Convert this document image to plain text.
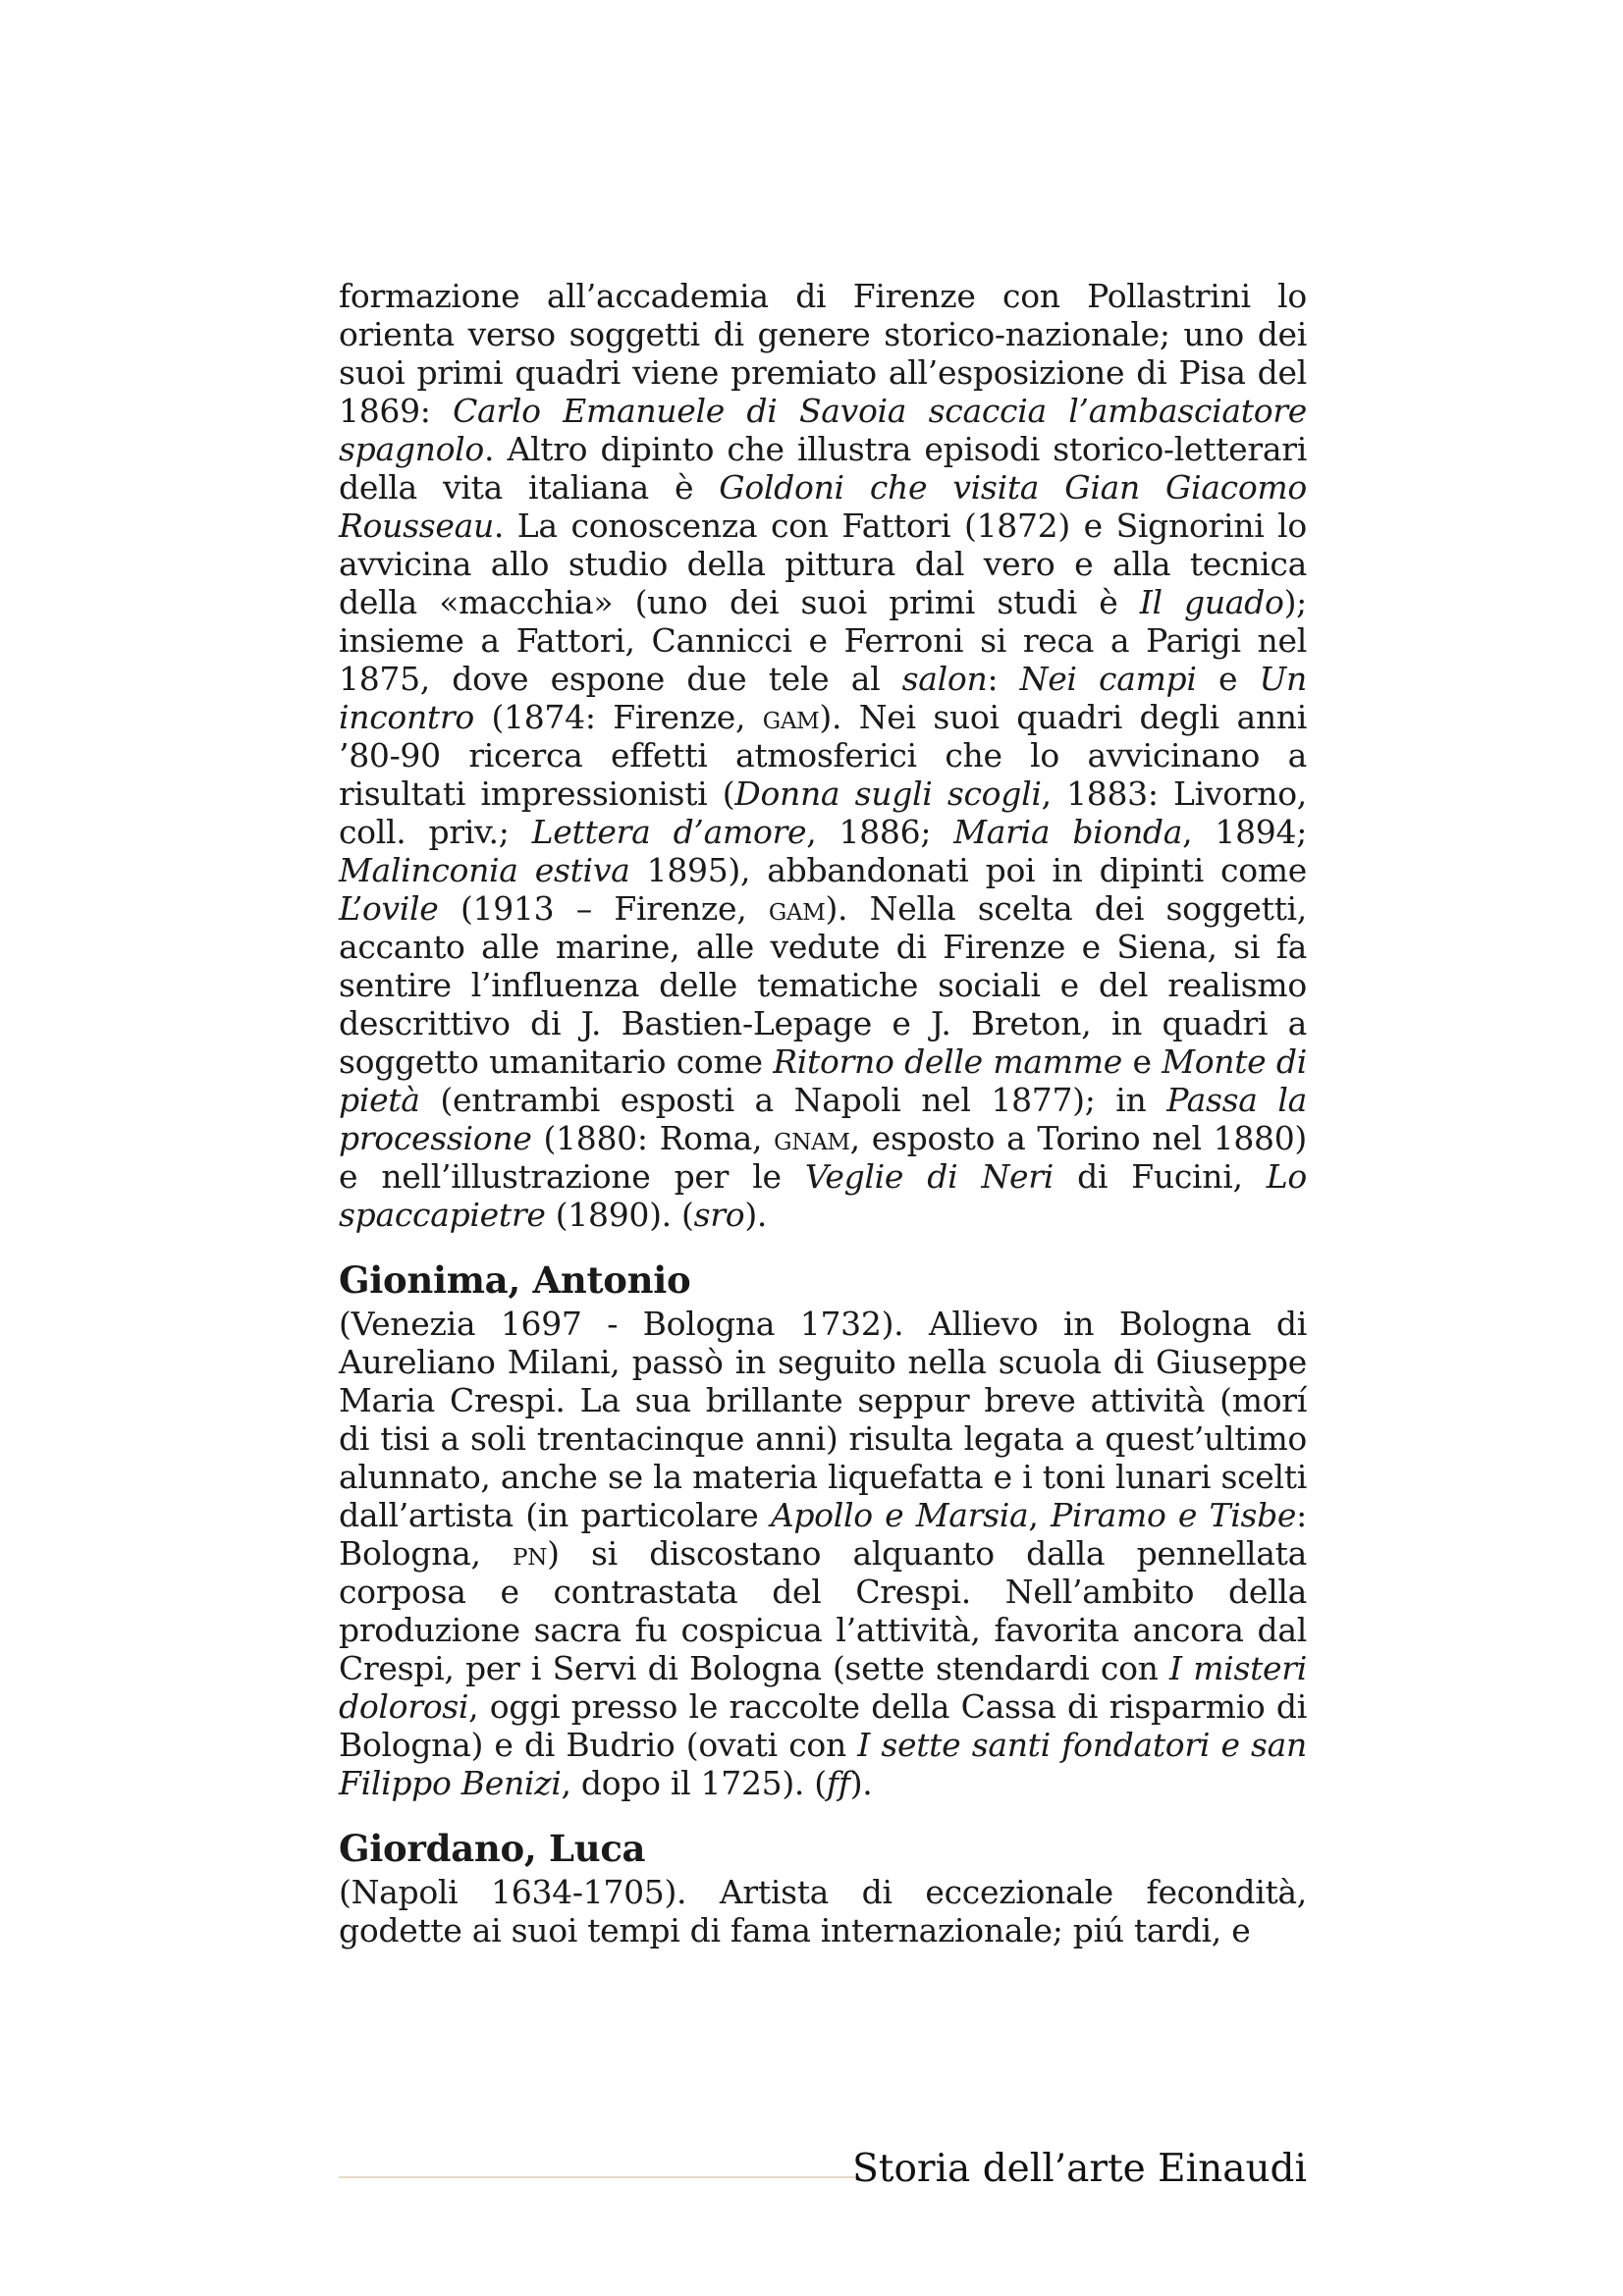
formazione all’accademia di Firenze con Pollastrini lo orienta verso soggetti di genere storico-nazionale; uno dei suoi primi quadri viene premiato all’esposizione di Pisa del 1869: Carlo Emanuele di Savoia scaccia l’ambasciatore spagnolo. Altro dipinto che illustra episodi storico-letterari della vita italiana è Goldoni che visita Gian Giacomo Rousseau. La conoscenza con Fattori (1872) e Signorini lo avvicina allo studio della pittura dal vero e alla tecnica della «macchia» (uno dei suoi primi studi è Il guado); insieme a Fattori, Cannicci e Ferroni si reca a Parigi nel 1875, dove espone due tele al salon: Nei campi e Un incontro (1874: Firenze, gam). Nei suoi quadri degli anni ’80-90 ricerca effetti atmosferici che lo avvicinano a risultati impressionisti (Donna sugli scogli, 1883: Livorno, coll. priv.; Lettera d’amore, 1886; Maria bionda, 1894; Malinconia estiva 1895), abbandonati poi in dipinti come L’ovile (1913 – Firenze, gam). Nella scelta dei soggetti, accanto alle marine, alle vedute di Firenze e Siena, si fa sentire l’influenza delle tematiche sociali e del realismo descrittivo di J. Bastien-Lepage e J. Breton, in quadri a soggetto umanitario come Ritorno delle mamme e Monte di pietà (entrambi esposti a Napoli nel 1877); in Passa la processione (1880: Roma, gnam, esposto a Torino nel 1880) e nell’illustrazione per le Veglie di Neri di Fucini, Lo spaccapietre (1890). (sro).

Gionima, Antonio

(Venezia 1697 - Bologna 1732). Allievo in Bologna di Aureliano Milani, passò in seguito nella scuola di Giuseppe Maria Crespi. La sua brillante seppur breve attività (morí di tisi a soli trentacinque anni) risulta legata a quest’ultimo alunnato, anche se la materia liquefatta e i toni lunari scelti dall’artista (in particolare Apollo e Marsia, Piramo e Tisbe: Bologna, pn) si discostano alquanto dalla pennellata corposa e contrastata del Crespi. Nell’ambito della produzione sacra fu cospicua l’attività, favorita ancora dal Crespi, per i Servi di Bologna (sette stendardi con I misteri dolorosi, oggi presso le raccolte della Cassa di risparmio di Bologna) e di Budrio (ovati con I sette santi fondatori e san Filippo Benizi, dopo il 1725). (ff).

Giordano, Luca

(Napoli 1634-1705). Artista di eccezionale fecondità, godette ai suoi tempi di fama internazionale; piú tardi, e

Storia dell’arte Einaudi
